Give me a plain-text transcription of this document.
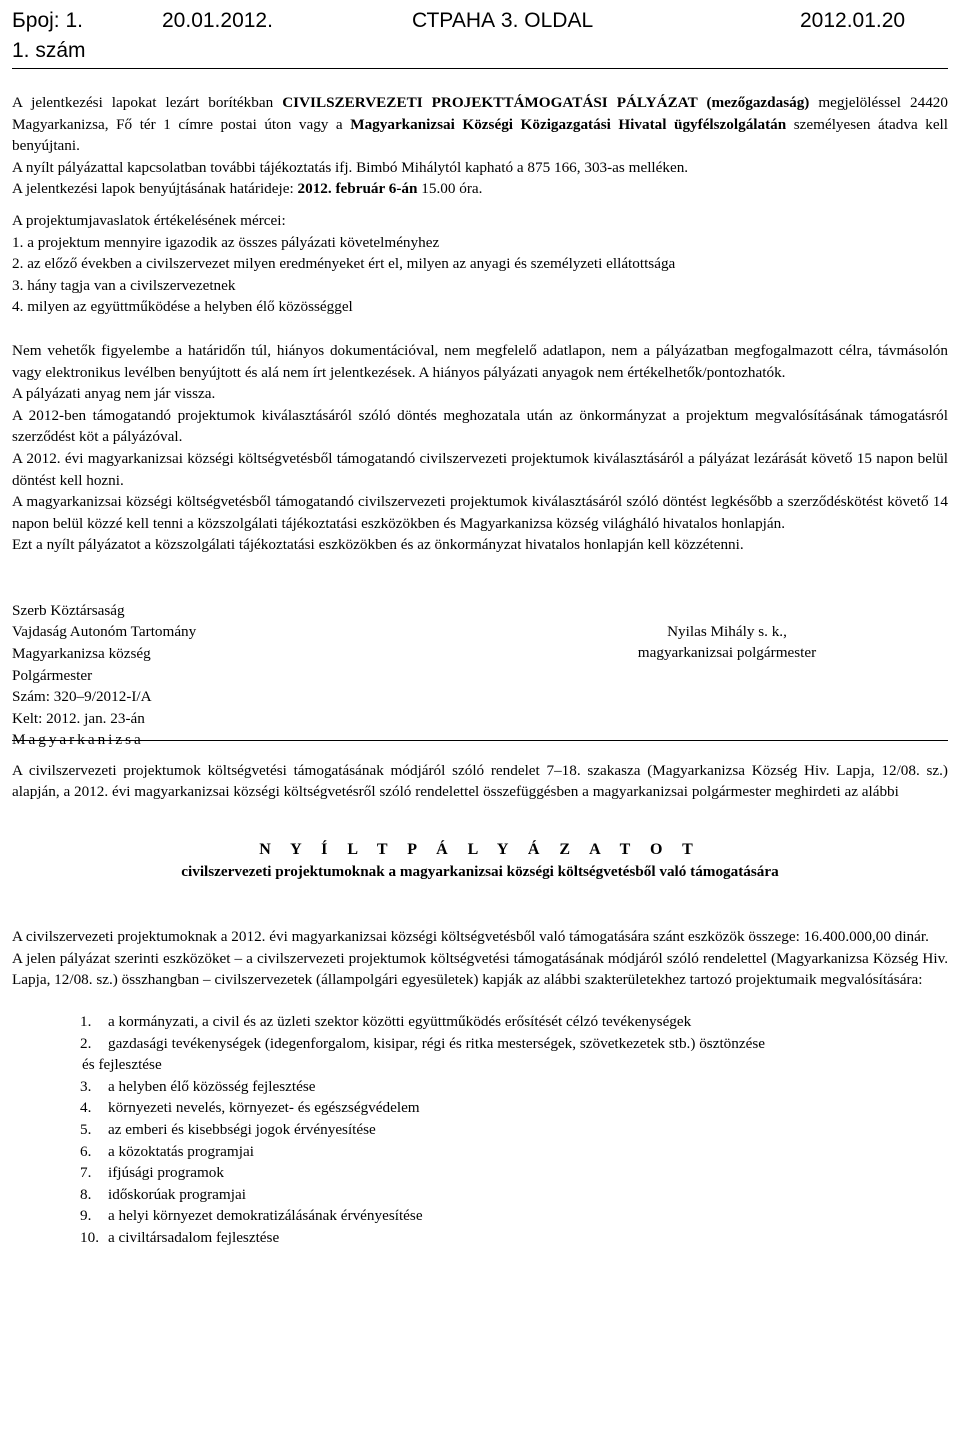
Број: 1.	20.01.2012.	СТРАНА 3. OLDAL	2012.01.20
1. szám

A jelentkezési lapokat lezárt borítékban CIVILSZERVEZETI PROJEKTTÁMOGATÁSI PÁLYÁZAT (mezőgazdaság) megjelöléssel 24420 Magyarkanizsa, Fő tér 1 címre postai úton vagy a Magyarkanizsai Községi Közigazgatási Hivatal ügyfélszolgálatán személyesen átadva kell benyújtani.

A nyílt pályázattal kapcsolatban további tájékoztatás ifj. Bimbó Mihálytól kapható a 875 166, 303-as melléken.

A jelentkezési lapok benyújtásának határideje: 2012. február 6-án 15.00 óra.

A projektumjavaslatok értékelésének mércei:

1. a projektum mennyire igazodik az összes pályázati követelményhez

2. az előző években a civilszervezet milyen eredményeket ért el, milyen az anyagi és személyzeti ellátottsága

3. hány tagja van a civilszervezetnek

4. milyen az együttműködése a helyben élő közösséggel

Nem vehetők figyelembe a határidőn túl, hiányos dokumentációval, nem megfelelő adatlapon, nem a pályázatban megfogalmazott célra, távmásolón vagy elektronikus levélben benyújtott és alá nem írt jelentkezések. A hiányos pályázati anyagok nem értékelhetők/pontozhatók.

A pályázati anyag nem jár vissza.

A 2012-ben támogatandó projektumok kiválasztásáról szóló döntés meghozatala után az önkormányzat a projektum megvalósításának támogatásról szerződést köt a pályázóval.

A 2012. évi magyarkanizsai községi költségvetésből támogatandó civilszervezeti projektumok kiválasztásáról a pályázat lezárását követő 15 napon belül döntést kell hozni.

A magyarkanizsai községi költségvetésből támogatandó civilszervezeti projektumok kiválasztásáról szóló döntést legkésőbb a szerződéskötést követő 14 napon belül közzé kell tenni a közszolgálati tájékoztatási eszközökben és Magyarkanizsa község világháló hivatalos honlapján.

Ezt a nyílt pályázatot a közszolgálati tájékoztatási eszközökben és az önkormányzat hivatalos honlapján kell közzétenni.

Szerb Köztársaság
Vajdaság Autonóm Tartomány
Magyarkanizsa község
Polgármester
Szám: 320–9/2012-I/A
Kelt: 2012. jan. 23-án
Magyarkanizsa
Nyilas Mihály s. k.,
magyarkanizsai polgármester

A civilszervezeti projektumok költségvetési támogatásának módjáról szóló rendelet 7–18. szakasza (Magyarkanizsa Község Hiv. Lapja, 12/08. sz.) alapján, a 2012. évi magyarkanizsai községi költségvetésről szóló rendelettel összefüggésben a magyarkanizsai polgármester meghirdeti az alábbi

N Y Í L T P Á L Y Á Z A T O T
civilszervezeti projektumoknak a magyarkanizsai községi költségvetésből való támogatására

A civilszervezeti projektumoknak a 2012. évi magyarkanizsai községi költségvetésből való támogatására szánt eszközök összege: 16.400.000,00 dinár.

A jelen pályázat szerinti eszközöket – a civilszervezeti projektumok költségvetési támogatásának módjáról szóló rendelettel (Magyarkanizsa Község Hiv. Lapja, 12/08. sz.) összhangban – civilszervezetek (állampolgári egyesületek) kapják az alábbi szakterületekhez tartozó projektumaik megvalósítására:

1.	a kormányzati, a civil és az üzleti szektor közötti együttműködés erősítését célzó tevékenységek
2.	gazdasági tevékenységek (idegenforgalom, kisipar, régi és ritka mesterségek, szövetkezetek stb.) ösztönzése
és fejlesztése
3.	a helyben élő közösség fejlesztése
4.	környezeti nevelés, környezet- és egészségvédelem
5.	az emberi és kisebbségi jogok érvényesítése
6.	a közoktatás programjai
7.	ifjúsági programok
8.	időskorúak programjai
9.	a helyi környezet demokratizálásának érvényesítése
10. a civiltársadalom fejlesztése
